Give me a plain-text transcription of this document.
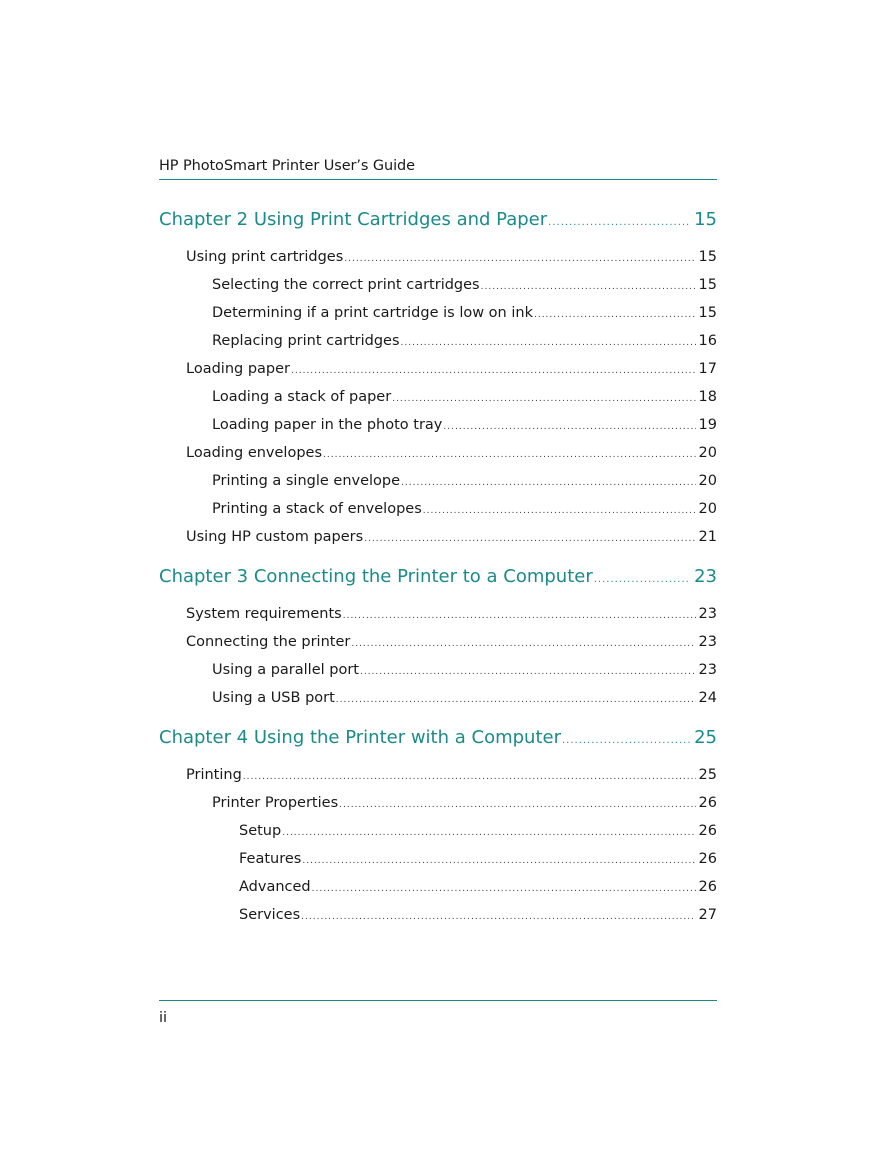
HP PhotoSmart Printer User’s Guide
Chapter 2 Using Print Cartridges and Paper .....	15
Using print cartridges .....	15
Selecting the correct print cartridges .....	15
Determining if a print cartridge is low on ink .....	15
Replacing print cartridges .....	16
Loading paper .....	17
Loading a stack of paper .....	18
Loading paper in the photo tray .....	19
Loading envelopes .....	20
Printing a single envelope .....	20
Printing a stack of envelopes .....	20
Using HP custom papers .....	21
Chapter 3 Connecting the Printer to a Computer .....	23
System requirements .....	23
Connecting the printer .....	23
Using a parallel port .....	23
Using a USB port .....	24
Chapter 4 Using the Printer with a Computer .....	25
Printing .....	25
Printer Properties .....	26
Setup .....	26
Features .....	26
Advanced .....	26
Services .....	27
ii
